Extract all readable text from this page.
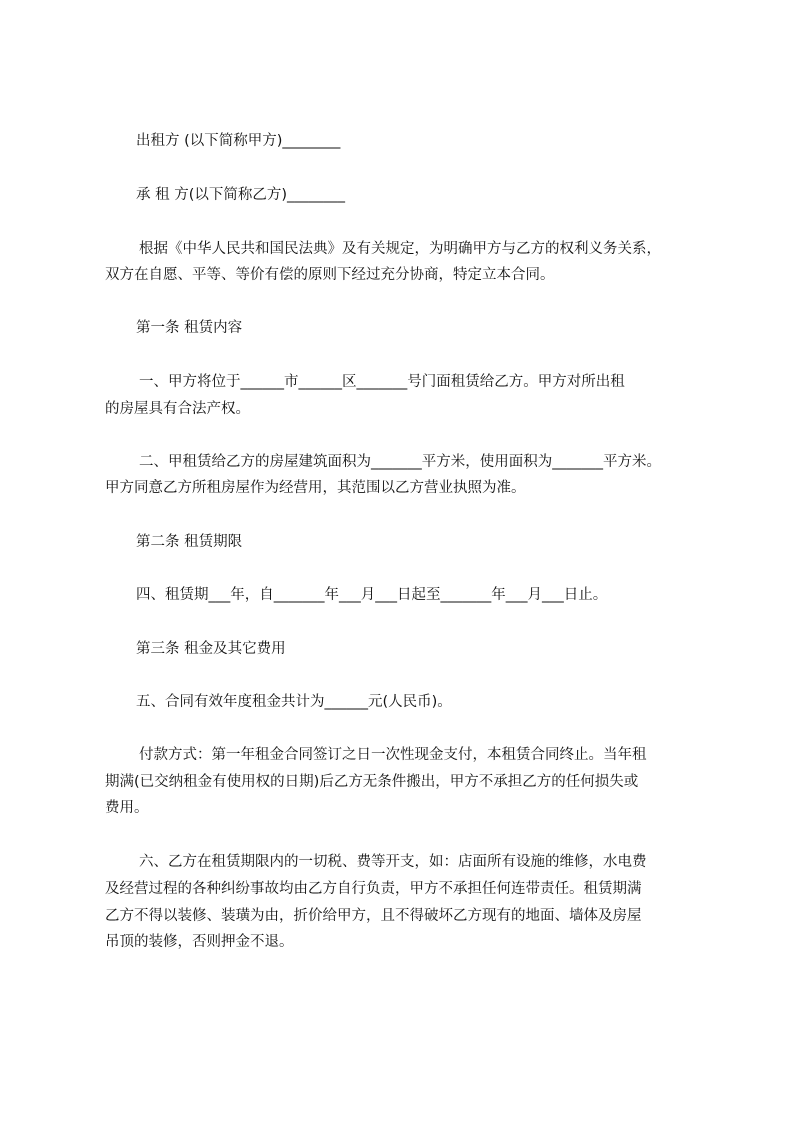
出租方 (以下简称甲方)________
承 租 方(以下简称乙方)________
根据《中华人民共和国民法典》及有关规定，为明确甲方与乙方的权利义务关系，
双方在自愿、平等、等价有偿的原则下经过充分协商，特定立本合同。
第一条 租赁内容
一、甲方将位于______市______区_______号门面租赁给乙方。甲方对所出租
的房屋具有合法产权。
二、甲租赁给乙方的房屋建筑面积为_______平方米，使用面积为_______平方米。
甲方同意乙方所租房屋作为经营用，其范围以乙方营业执照为准。
第二条 租赁期限
四、租赁期___年，自_______年___月___日起至_______年___月___日止。
第三条 租金及其它费用
五、合同有效年度租金共计为______元(人民币)。
付款方式：第一年租金合同签订之日一次性现金支付，本租赁合同终止。当年租
期满(已交纳租金有使用权的日期)后乙方无条件搬出，甲方不承担乙方的任何损失或
费用。
六、乙方在租赁期限内的一切税、费等开支，如：店面所有设施的维修，水电费
及经营过程的各种纠纷事故均由乙方自行负责，甲方不承担任何连带责任。租赁期满
乙方不得以装修、装璜为由，折价给甲方，且不得破坏乙方现有的地面、墙体及房屋
吊顶的装修，否则押金不退。
